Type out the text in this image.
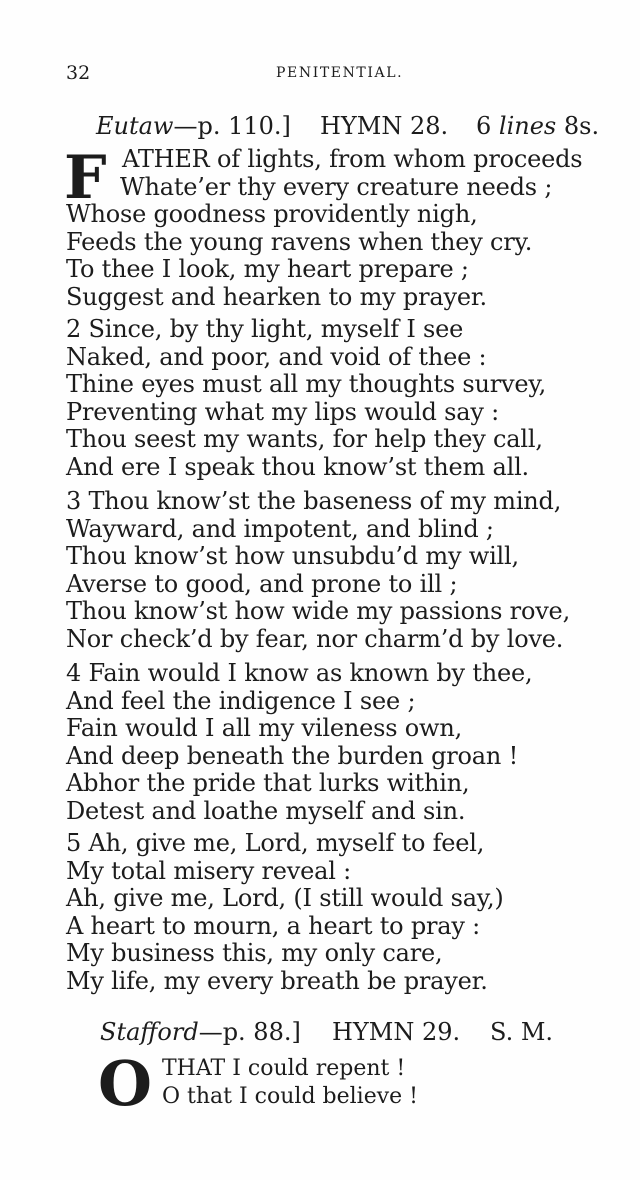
32	PENITENTIAL.
Eutaw—p. 110.] HYMN 28. 6 lines 8s.
F ATHER of lights, from whom proceeds
Whate’er thy every creature needs ;
Whose goodness providently nigh,
Feeds the young ravens when they cry.
To thee I look, my heart prepare ;
Suggest and hearken to my prayer.
2 Since, by thy light, myself I see
Naked, and poor, and void of thee :
Thine eyes must all my thoughts survey,
Preventing what my lips would say :
Thou seest my wants, for help they call,
And ere I speak thou know’st them all.
3 Thou know’st the baseness of my mind,
Wayward, and impotent, and blind ;
Thou know’st how unsubdu’d my will,
Averse to good, and prone to ill ;
Thou know’st how wide my passions rove,
Nor check’d by fear, nor charm’d by love.
4 Fain would I know as known by thee,
And feel the indigence I see ;
Fain would I all my vileness own,
And deep beneath the burden groan !
Abhor the pride that lurks within,
Detest and loathe myself and sin.
5 Ah, give me, Lord, myself to feel,
My total misery reveal :
Ah, give me, Lord, (I still would say,)
A heart to mourn, a heart to pray :
My business this, my only care,
My life, my every breath be prayer.
Stafford—p. 88.] HYMN 29. S. M.
O THAT I could repent !
O that I could believe !
